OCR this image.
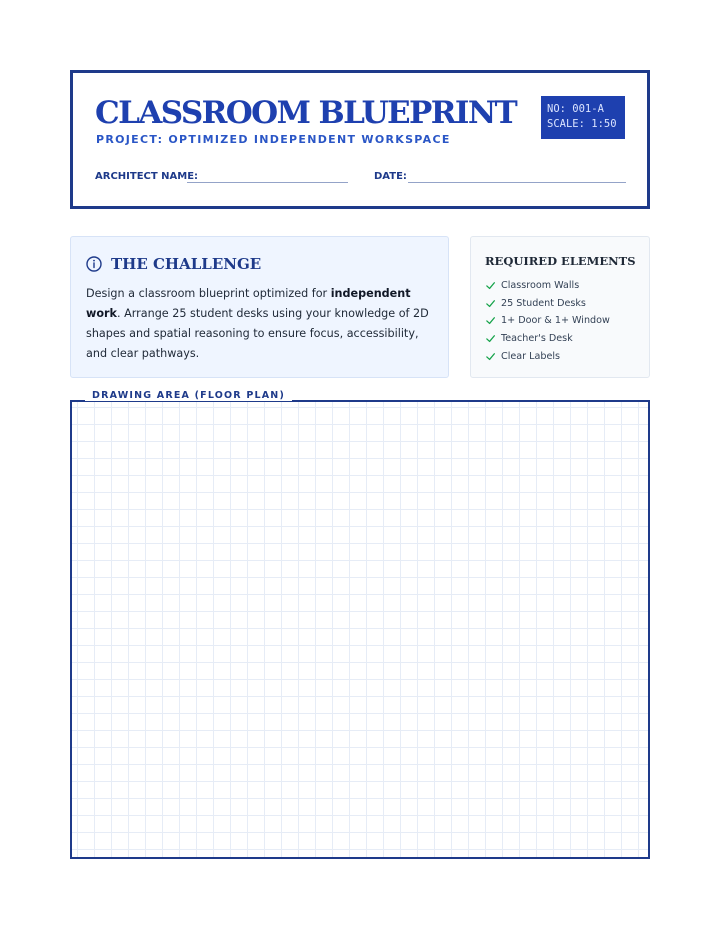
CLASSROOM BLUEPRINT
PROJECT: OPTIMIZED INDEPENDENT WORKSPACE
NO: 001-A
SCALE: 1:50
ARCHITECT NAME:	DATE:
THE CHALLENGE

Design a classroom blueprint optimized for independent work. Arrange 25 student desks using your knowledge of 2D shapes and spatial reasoning to ensure focus, accessibility, and clear pathways.

REQUIRED ELEMENTS
Classroom Walls
25 Student Desks
1+ Door & 1+ Window
Teacher's Desk
Clear Labels
DRAWING AREA (FLOOR PLAN)
